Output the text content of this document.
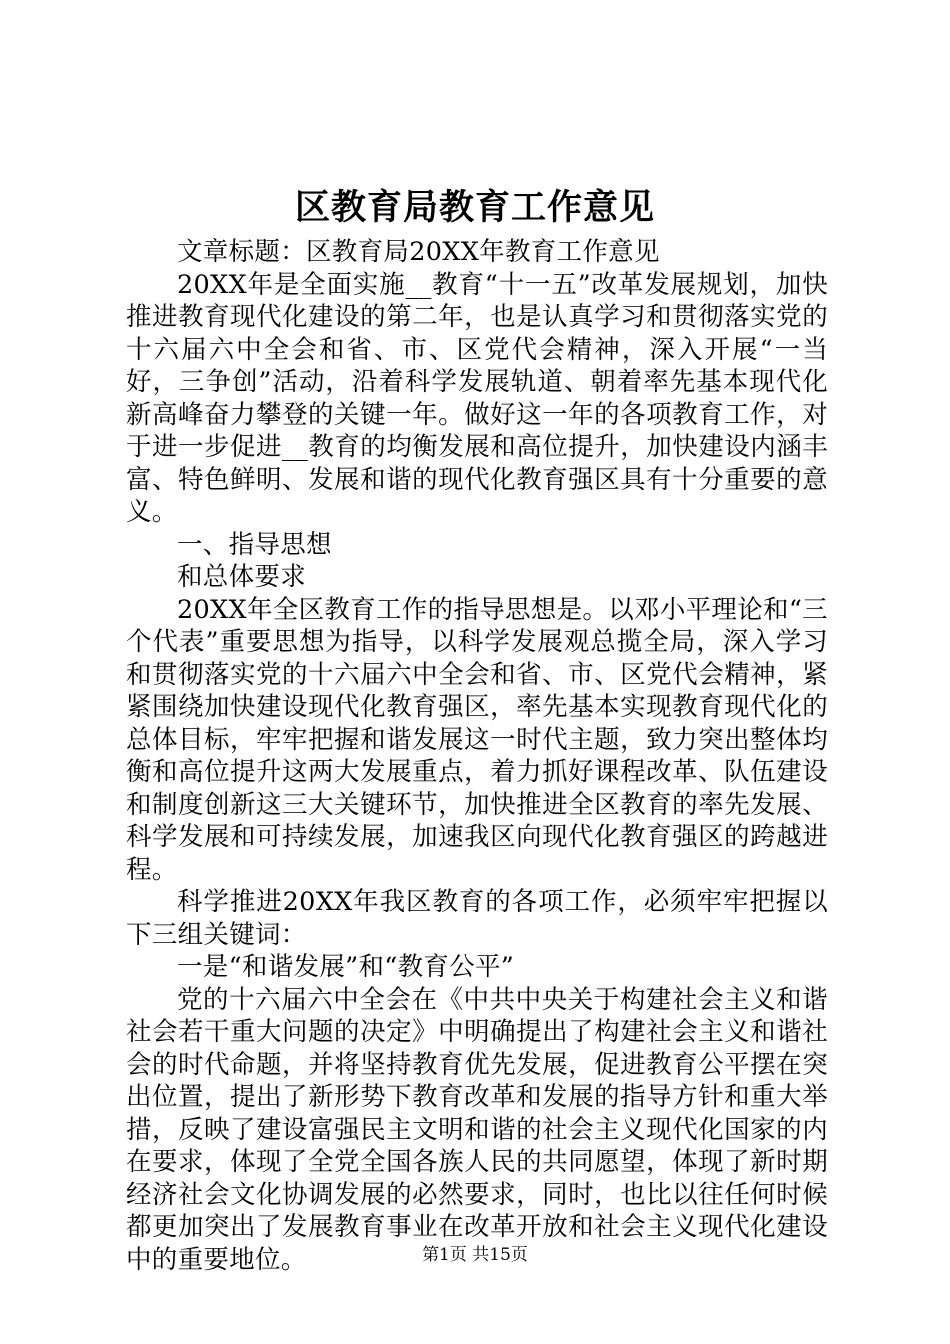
区教育局教育工作意见

文章标题：区教育局20XX年教育工作意见

20XX年是全面实施__教育“十一五”改革发展规划，加快推进教育现代化建设的第二年，也是认真学习和贯彻落实党的十六届六中全会和省、市、区党代会精神，深入开展“一当好，三争创”活动，沿着科学发展轨道、朝着率先基本现代化新高峰奋力攀登的关键一年。做好这一年的各项教育工作，对于进一步促进__教育的均衡发展和高位提升，加快建设内涵丰富、特色鲜明、发展和谐的现代化教育强区具有十分重要的意义。

一、指导思想

和总体要求

20XX年全区教育工作的指导思想是。以邓小平理论和“三个代表”重要思想为指导，以科学发展观总揽全局，深入学习和贯彻落实党的十六届六中全会和省、市、区党代会精神，紧紧围绕加快建设现代化教育强区，率先基本实现教育现代化的总体目标，牢牢把握和谐发展这一时代主题，致力突出整体均衡和高位提升这两大发展重点，着力抓好课程改革、队伍建设和制度创新这三大关键环节，加快推进全区教育的率先发展、科学发展和可持续发展，加速我区向现代化教育强区的跨越进程。

科学推进20XX年我区教育的各项工作，必须牢牢把握以下三组关键词：

一是“和谐发展”和“教育公平”

党的十六届六中全会在《中共中央关于构建社会主义和谐社会若干重大问题的决定》中明确提出了构建社会主义和谐社会的时代命题，并将坚持教育优先发展，促进教育公平摆在突出位置，提出了新形势下教育改革和发展的指导方针和重大举措，反映了建设富强民主文明和谐的社会主义现代化国家的内在要求，体现了全党全国各族人民的共同愿望，体现了新时期经济社会文化协调发展的必然要求，同时，也比以往任何时候都更加突出了发展教育事业在改革开放和社会主义现代化建设中的重要地位。	第1页 共15页
